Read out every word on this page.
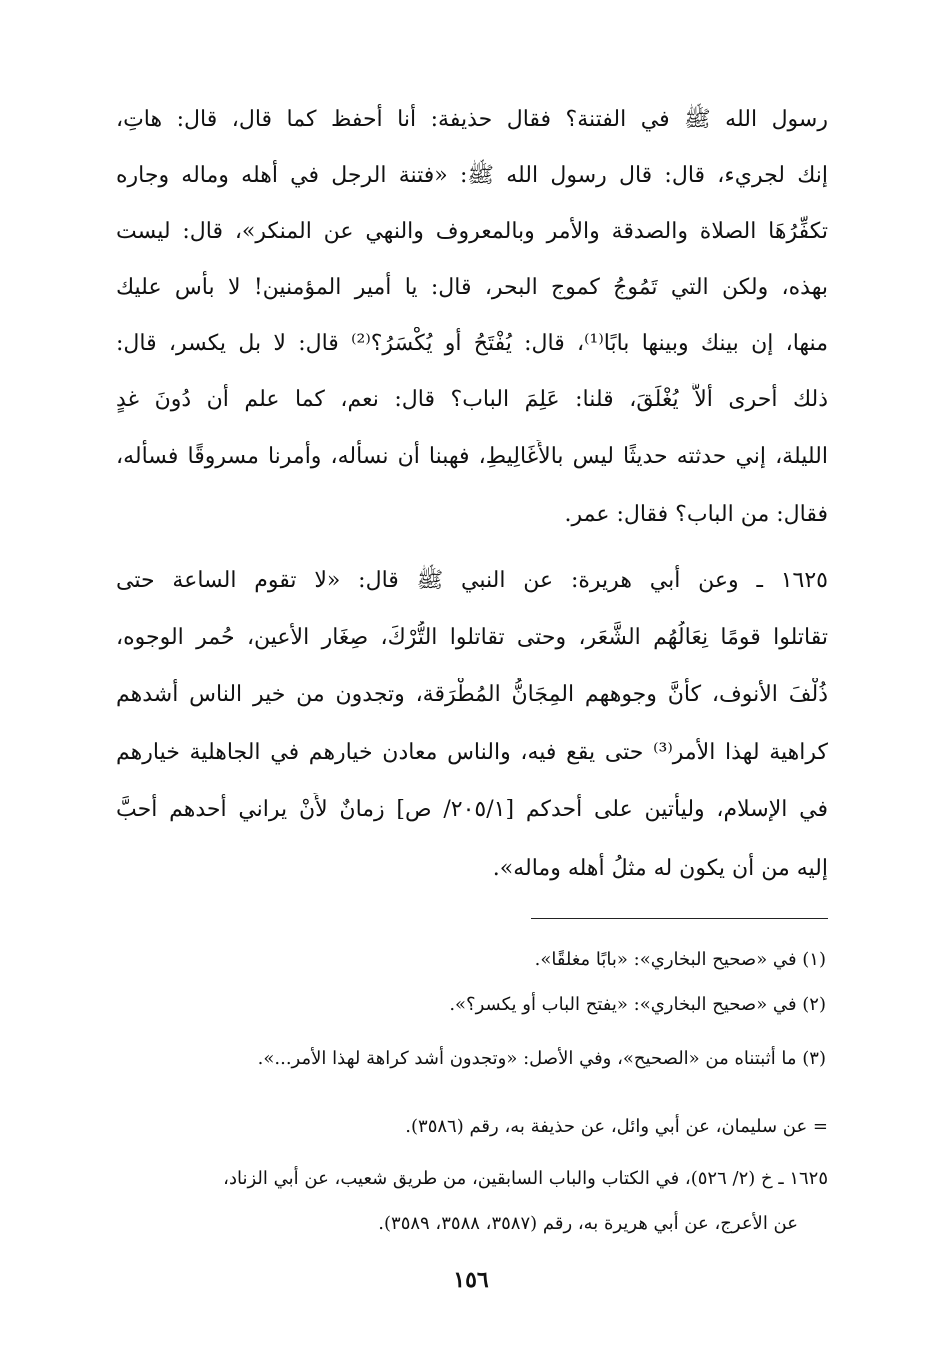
رسول الله ﷺ في الفتنة؟ فقال حذيفة: أنا أحفظ كما قال، قال: هاتِ،
إنك لجريء، قال: قال رسول الله ﷺ: «فتنة الرجل في أهله وماله وجاره
تكفِّرُهَا الصلاة والصدقة والأمر وبالمعروف والنهي عن المنكر»، قال: ليست
بهذه، ولكن التي تَمُوجُ كموج البحر، قال: يا أمير المؤمنين! لا بأس عليك
منها، إن بينك وبينها بابًا⁽¹⁾، قال: يُفْتَحُ أو يُكْسَرُ؟⁽²⁾ قال: لا بل يكسر، قال:
ذلك أحرى ألاَّ يُغْلَقَ، قلنا: عَلِمَ الباب؟ قال: نعم، كما علم أن دُونَ غدٍ
الليلة، إني حدثته حديثًا ليس بالأَغَالِيطِ، فهبنا أن نسأله، وأمرنا مسروقًا فسأله،
فقال: من الباب؟ فقال: عمر.
١٦٢٥ ـ وعن أبي هريرة: عن النبي ﷺ قال: «لا تقوم الساعة حتى
تقاتلوا قومًا نِعَالُهُم الشَّعَر، وحتى تقاتلوا التُّرْكَ، صِغَار الأعين، حُمر الوجوه،
ذُلْفَ الأنوف، كأنَّ وجوههم المِجَانُّ المُطْرَقة، وتجدون من خير الناس أشدهم
كراهية لهذا الأمر⁽³⁾ حتى يقع فيه، والناس معادن خيارهم في الجاهلية خيارهم
في الإسلام، وليأتين على أحدكم [٢٠٥/١/ ص] زمانٌ لأَنْ يراني أحدهم أحبَّ
إليه من أن يكون له مثلُ أهله وماله».
(١) في «صحيح البخاري»: «بابًا مغلقًا».
(٢) في «صحيح البخاري»: «يفتح الباب أو يكسر؟».
(٣) ما أثبتناه من «الصحيح»، وفي الأصل: «وتجدون أشد كراهة لهذا الأمر...».
= عن سليمان، عن أبي وائل، عن حذيفة به، رقم (٣٥٨٦).
١٦٢٥ ـ خ (٢/ ٥٢٦)، في الكتاب والباب السابقين، من طريق شعيب، عن أبي الزناد،
عن الأعرج، عن أبي هريرة به، رقم (٣٥٨٧، ٣٥٨٨، ٣٥٨٩).
١٥٦
